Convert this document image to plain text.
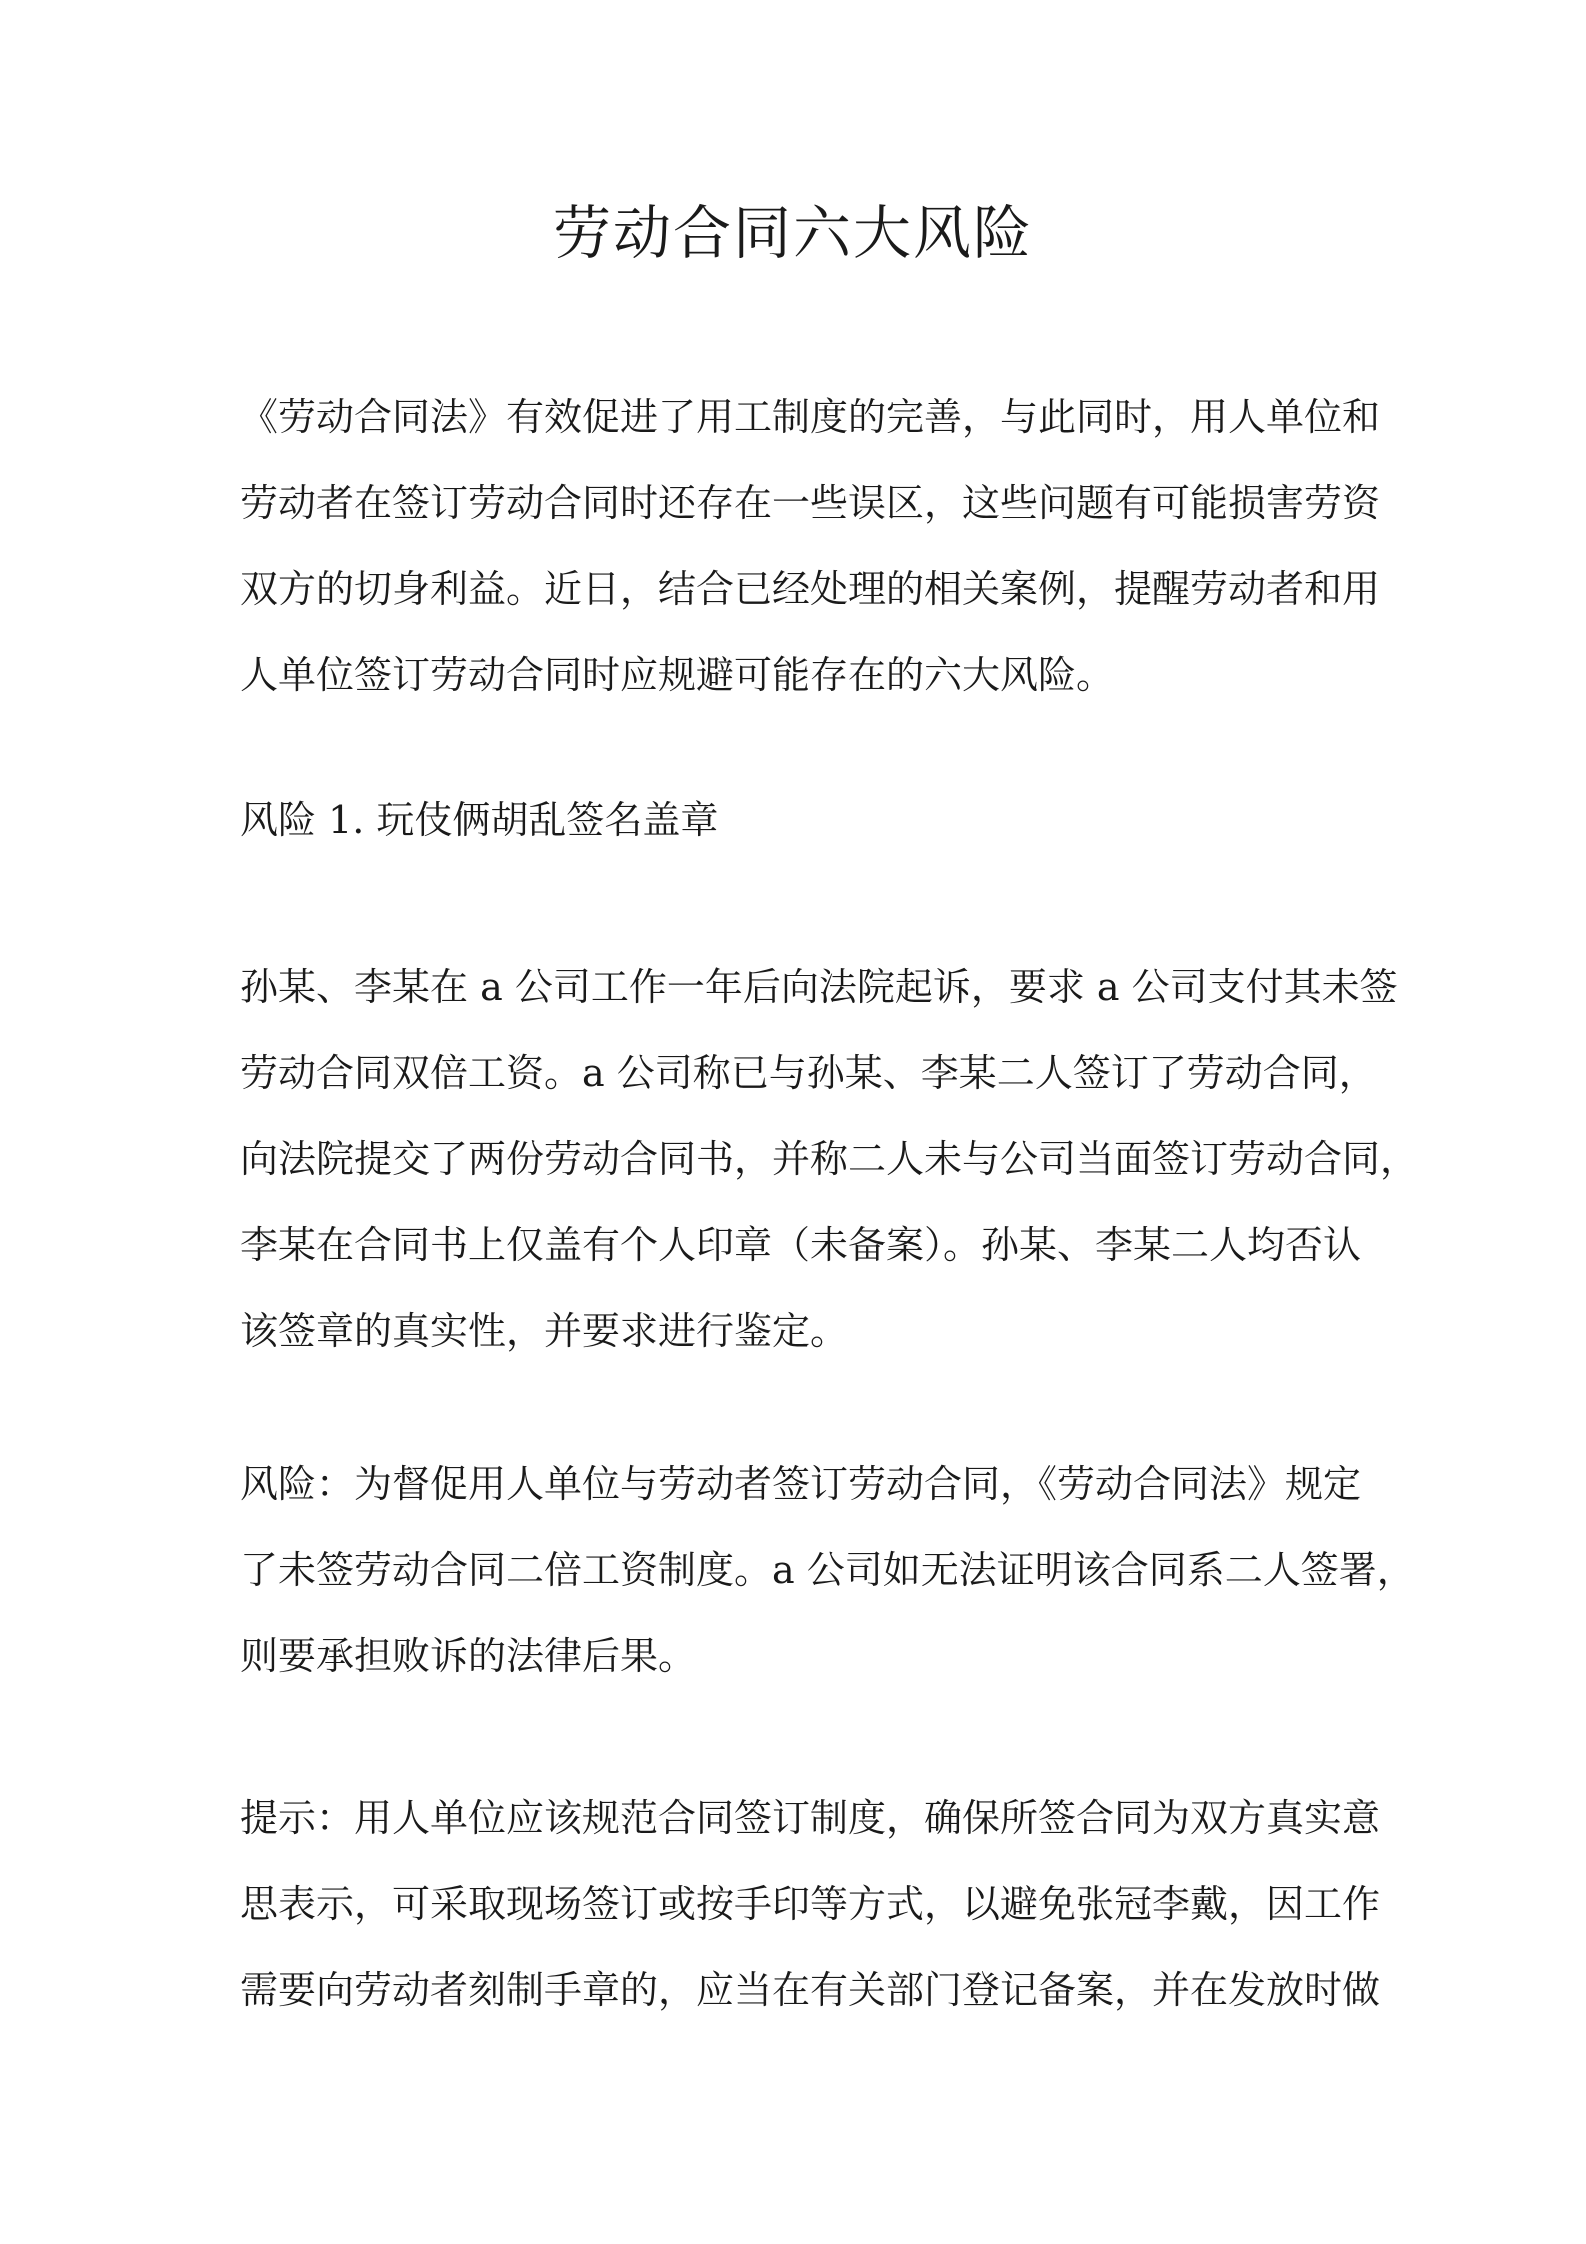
劳动合同六大风险

《劳动合同法》有效促进了用工制度的完善，与此同时，用人单位和
劳动者在签订劳动合同时还存在一些误区，这些问题有可能损害劳资
双方的切身利益。近日，结合已经处理的相关案例，提醒劳动者和用
人单位签订劳动合同时应规避可能存在的六大风险。

风险 1. 玩伎俩胡乱签名盖章

孙某、李某在 a 公司工作一年后向法院起诉，要求 a 公司支付其未签
劳动合同双倍工资。a 公司称已与孙某、李某二人签订了劳动合同，
向法院提交了两份劳动合同书，并称二人未与公司当面签订劳动合同，
李某在合同书上仅盖有个人印章（未备案）。孙某、李某二人均否认
该签章的真实性，并要求进行鉴定。

风险：为督促用人单位与劳动者签订劳动合同，《劳动合同法》规定
了未签劳动合同二倍工资制度。a 公司如无法证明该合同系二人签署，
则要承担败诉的法律后果。

提示：用人单位应该规范合同签订制度，确保所签合同为双方真实意
思表示，可采取现场签订或按手印等方式，以避免张冠李戴，因工作
需要向劳动者刻制手章的，应当在有关部门登记备案，并在发放时做
